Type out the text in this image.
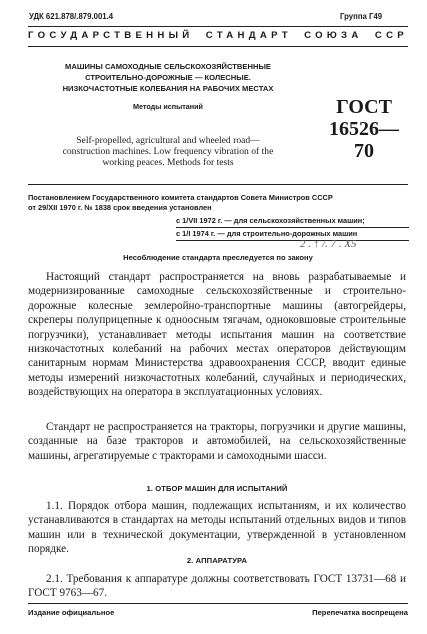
УДК 621.878/.879.001.4	Группа Г49
ГОСУДАРСТВЕННЫЙ СТАНДАРТ СОЮЗА ССР
МАШИНЫ САМОХОДНЫЕ СЕЛЬСКОХОЗЯЙСТВЕННЫЕ
СТРОИТЕЛЬНО-ДОРОЖНЫЕ — КОЛЕСНЫЕ.
НИЗКОЧАСТОТНЫЕ КОЛЕБАНИЯ НА РАБОЧИХ МЕСТАХ
Методы испытаний
Self-propelled, agricultural and wheeled road—
construction machines. Low frequency vibration of the
working peaces. Methods for tests
ГОСТ
16526—70
Постановлением Государственного комитета стандартов Совета Министров СССР
от 29/XII 1970 г. № 1838 срок введения установлен
с 1/VII 1972 г. — для сельскохозяйственных машин;
с 1/I 1974 г. — для строительно-дорожных машин
2 . ↑ /. 7 . Х5
Несоблюдение стандарта преследуется по закону

Настоящий стандарт распространяется на вновь разрабатываемые и модернизированные самоходные сельскохозяйственные и строительно-дорожные колесные землеройно-транспортные машины (автогрейдеры, скреперы полуприцепные к одноосным тягачам, одноковшовые строительные погрузчики), устанавливает методы испытания машин на соответствие низкочастотных колебаний на рабочих местах операторов действующим санитарным нормам Министерства здравоохранения СССР, вводит единые методы измерений низкочастотных колебаний, случайных и периодических, воздействующих на оператора в эксплуатационных условиях.

Стандарт не распространяется на тракторы, погрузчики и другие машины, созданные на базе тракторов и автомобилей, на сельскохозяйственные машины, агрегатируемые с тракторами и самоходными шасси.

1. ОТБОР МАШИН ДЛЯ ИСПЫТАНИЙ

1.1. Порядок отбора машин, подлежащих испытаниям, и их количество устанавливаются в стандартах на методы испытаний отдельных видов и типов машин или в технической документации, утвержденной в установленном порядке.

2. АППАРАТУРА

2.1. Требования к аппаратуре должны соответствовать ГОСТ 13731—68 и ГОСТ 9763—67.

Издание официальное	Перепечатка воспрещена
